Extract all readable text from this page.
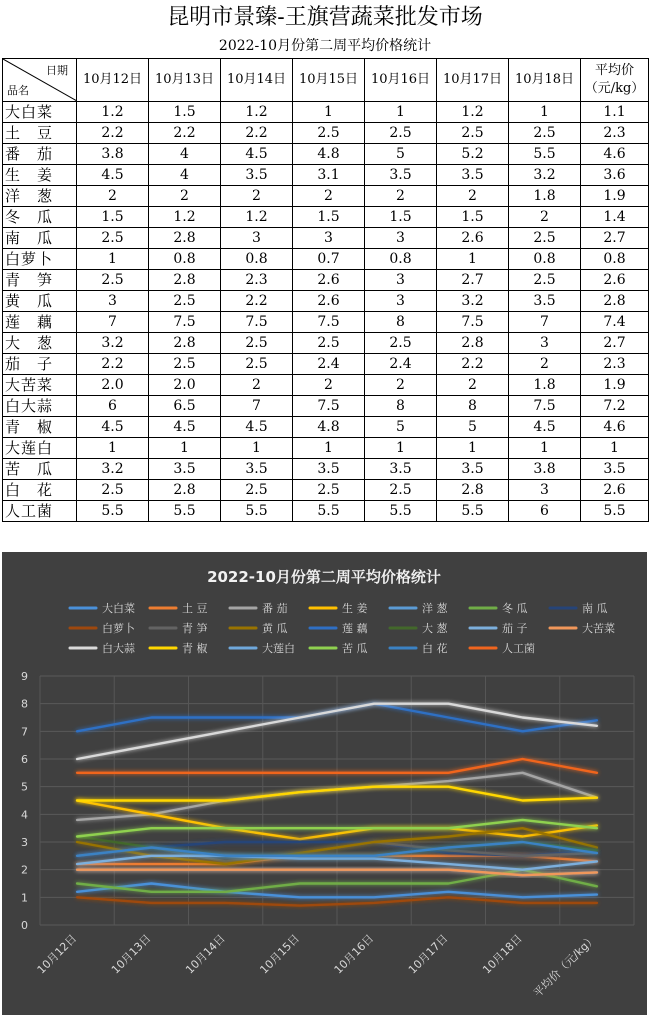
昆明市景臻-王旗营蔬菜批发市场
2022-10月份第二周平均价格统计
日期
品名	10月12日	10月13日	10月14日	10月15日	10月16日	10月17日	10月18日	平均价
（元/kg）
大白菜	1.2	1.5	1.2	1	1	1.2	1	1.1
土　豆	2.2	2.2	2.2	2.5	2.5	2.5	2.5	2.3
番　茄	3.8	4	4.5	4.8	5	5.2	5.5	4.6
生　姜	4.5	4	3.5	3.1	3.5	3.5	3.2	3.6
洋　葱	2	2	2	2	2	2	1.8	1.9
冬　瓜	1.5	1.2	1.2	1.5	1.5	1.5	2	1.4
南　瓜	2.5	2.8	3	3	3	2.6	2.5	2.7
白萝卜	1	0.8	0.8	0.7	0.8	1	0.8	0.8
青　笋	2.5	2.8	2.3	2.6	3	2.7	2.5	2.6
黄　瓜	3	2.5	2.2	2.6	3	3.2	3.5	2.8
莲　藕	7	7.5	7.5	7.5	8	7.5	7	7.4
大　葱	3.2	2.8	2.5	2.5	2.5	2.8	3	2.7
茄　子	2.2	2.5	2.5	2.4	2.4	2.2	2	2.3
大苦菜	2.0	2.0	2	2	2	2	1.8	1.9
白大蒜	6	6.5	7	7.5	8	8	7.5	7.2
青　椒	4.5	4.5	4.5	4.8	5	5	4.5	4.6
大莲白	1	1	1	1	1	1	1	1
苦　瓜	3.2	3.5	3.5	3.5	3.5	3.5	3.8	3.5
白　花	2.5	2.8	2.5	2.5	2.5	2.8	3	2.6
人工菌	5.5	5.5	5.5	5.5	5.5	5.5	6	5.5
2022-10月份第二周平均价格统计
大白菜	土 豆	番 茄	生 姜	洋 葱	冬 瓜	南 瓜
白萝卜	青 笋	黄 瓜	莲 藕	大 葱	茄 子	大苦菜
白大蒜	青 椒	大莲白	苦 瓜	白 花	人工菌
0
1
2
3
4
5
6
7
8
9
10月12日	10月13日	10月14日	10月15日	10月16日	10月17日	10月18日 平均价（元/kg）
